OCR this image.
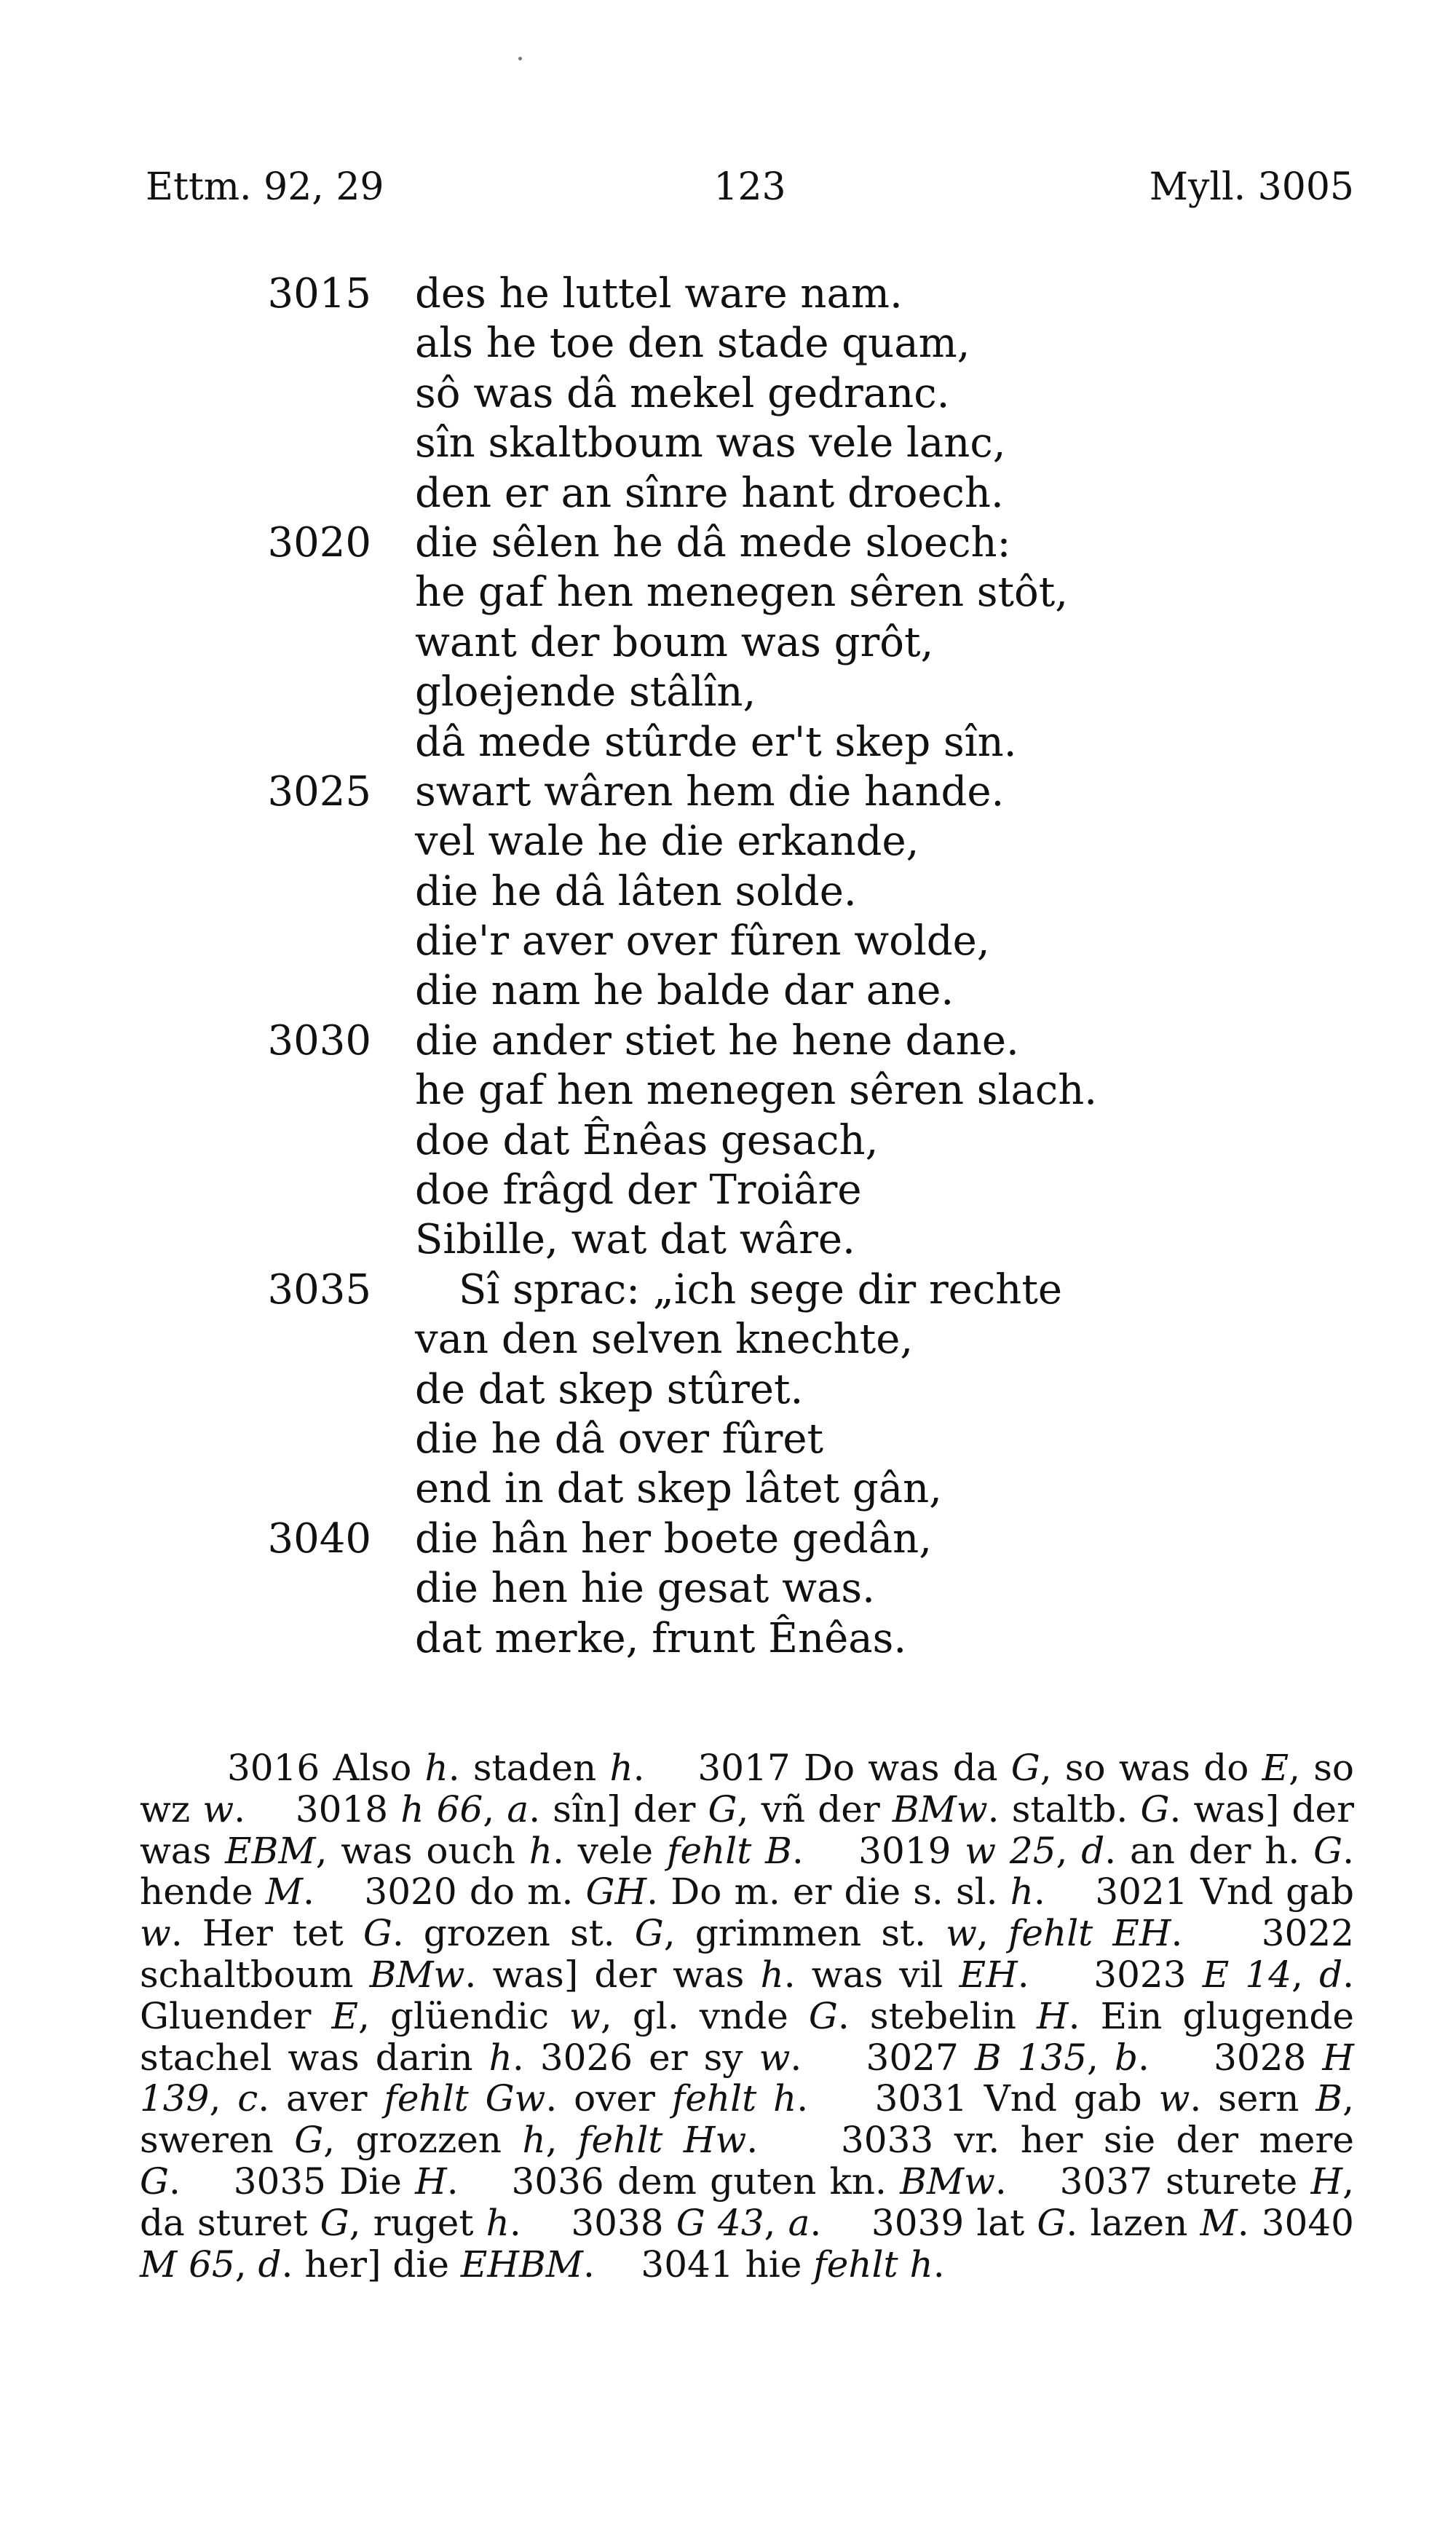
Ettm. 92, 29	123	Myll. 3005
3015 des he luttel ware nam.
als he toe den stade quam,
sô was dâ mekel gedranc.
sîn skaltboum was vele lanc,
den er an sînre hant droech.
3020 die sêlen he dâ mede sloech:
he gaf hen menegen sêren stôt,
want der boum was grôt,
gloejende stâlîn,
dâ mede stûrde er't skep sîn.
3025 swart wâren hem die hande.
vel wale he die erkande,
die he dâ lâten solde.
die'r aver over fûren wolde,
die nam he balde dar ane.
3030 die ander stiet he hene dane.
he gaf hen menegen sêren slach.
doe dat Ênêas gesach,
doe frâgd der Troiâre
Sibille, wat dat wâre.
3035 Sî sprac: „ich sege dir rechte
van den selven knechte,
de dat skep stûret.
die he dâ over fûret
end in dat skep lâtet gân,
3040 die hân her boete gedân,
die hen hie gesat was.
dat merke, frunt Ênêas.

3016 Also h. staden h.    3017 Do was da G, so was do E, so wz w.    3018 h 66, a. sîn] der G, vñ der BMw. staltb. G. was] der was EBM, was ouch h. vele fehlt B.    3019 w 25, d. an der h. G. hende M.    3020 do m. GH. Do m. er die s. sl. h.    3021 Vnd gab w. Her tet G. grozen st. G, grimmen st. w, fehlt EH.    3022 schaltboum BMw. was] der was h. was vil EH.    3023 E 14, d. Gluender E, glüendic w, gl. vnde G. stebelin H. Ein glugende stachel was darin h. 3026 er sy w.    3027 B 135, b.    3028 H 139, c. aver fehlt Gw. over fehlt h.    3031 Vnd gab w. sern B, sweren G, grozzen h, fehlt Hw.    3033 vr. her sie der mere G.    3035 Die H.    3036 dem guten kn. BMw.    3037 sturete H, da sturet G, ruget h.    3038 G 43, a.    3039 lat G. lazen M. 3040 M 65, d. her] die EHBM.    3041 hie fehlt h.
